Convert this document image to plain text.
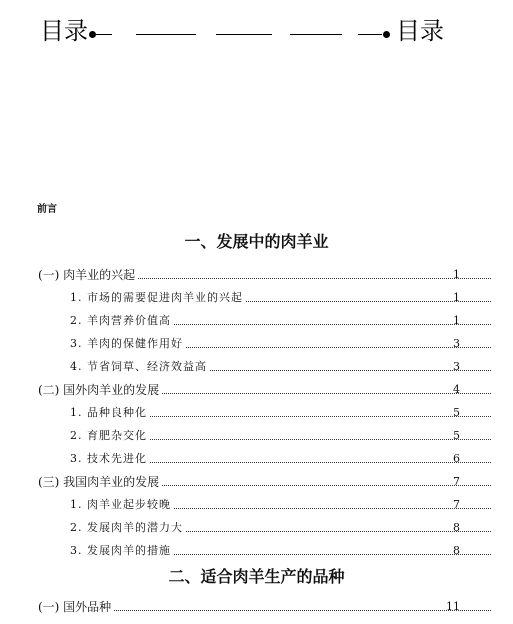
目录	目录
前言
一、发展中的肉羊业
(一) 肉羊业的兴起	1
1. 市场的需要促进肉羊业的兴起	1
2. 羊肉营养价值高	1
3. 羊肉的保健作用好	3
4. 节省饲草、经济效益高	3
(二) 国外肉羊业的发展	4
1. 品种良种化	5
2. 育肥杂交化	5
3. 技术先进化	6
(三) 我国肉羊业的发展	7
1. 肉羊业起步较晚	7
2. 发展肉羊的潜力大	8
3. 发展肉羊的措施	8
二、适合肉羊生产的品种
(一) 国外品种	11
